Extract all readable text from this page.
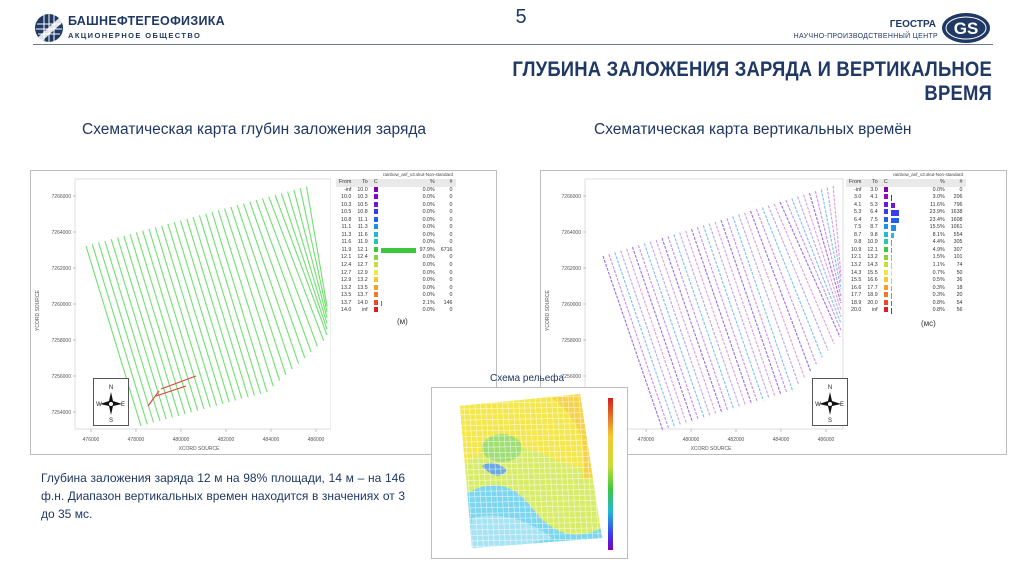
БАШНЕФТЕГЕОФИЗИКА
АКЦИОНЕРНОЕ ОБЩЕСТВО
5	ГЕОСТРА
НАУЧНО-ПРОИЗВОДСТВЕННЫЙ ЦЕНТР GS
ГЛУБИНА ЗАЛОЖЕНИЯ ЗАРЯДА И ВЕРТИКАЛЬНОЕ ВРЕМЯ
Схематическая карта глубин заложения заряда	Схематическая карта вертикальных времён
7266000
7264000
7262000
7260000
7258000
7256000
7254000
476000	478000	480000	482000	484000	486000
YCORD SOURCE
XCORD SOURCE
N
W	E
S
rainbow_anf_v3.skut-Non-standard
From	To	C		%	#
-inf	10.0			0.0%	0
10.0	10.3			0.0%	0
10.3	10.5			0.0%	0
10.5	10.8			0.0%	0
10.8	11.1			0.0%	0
11.1	11.3			0.0%	0
11.3	11.6			0.0%	0
11.6	11.9			0.0%	0
11.9	12.1			97.9%	6716
12.1	12.4			0.0%	0
12.4	12.7			0.0%	0
12.7	12.9			0.0%	0
12.9	13.2			0.0%	0
13.2	13.5			0.0%	0
13.5	13.7			0.0%	0
13.7	14.0			2.1%	146
14.0	inf			0.0%	0
(м)
7266000
7264000
7262000
7260000
7258000
7256000
478000	480000	482000	484000	486000
YCORD SOURCE
XCORD SOURCE
N
W	E
S
rainbow_anf_v3.skut-Non-standard
From	To	C		%	#
-inf	3.0			0.0%	0
3.0	4.1			3.0%	206
4.1	5.3			11.6%	796
5.3	6.4			23.9%	1638
6.4	7.5			23.4%	1608
7.5	8.7			15.5%	1061
8.7	9.8			8.1%	554
9.8	10.9			4.4%	305
10.9	12.1			4.9%	307
12.1	13.2			1.5%	101
13.2	14.3			1.1%	74
14.3	15.5			0.7%	50
15.5	16.6			0.5%	36
16.6	17.7			0.3%	18
17.7	18.9			0.3%	20
18.9	20.0			0.8%	54
20.0	inf			0.8%	56
(мс)
Схема рельефа
Глубина заложения заряда 12 м на 98% площади, 14 м – на 146 ф.н. Диапазон вертикальных времен находится в значениях от 3 до 35 мс.
